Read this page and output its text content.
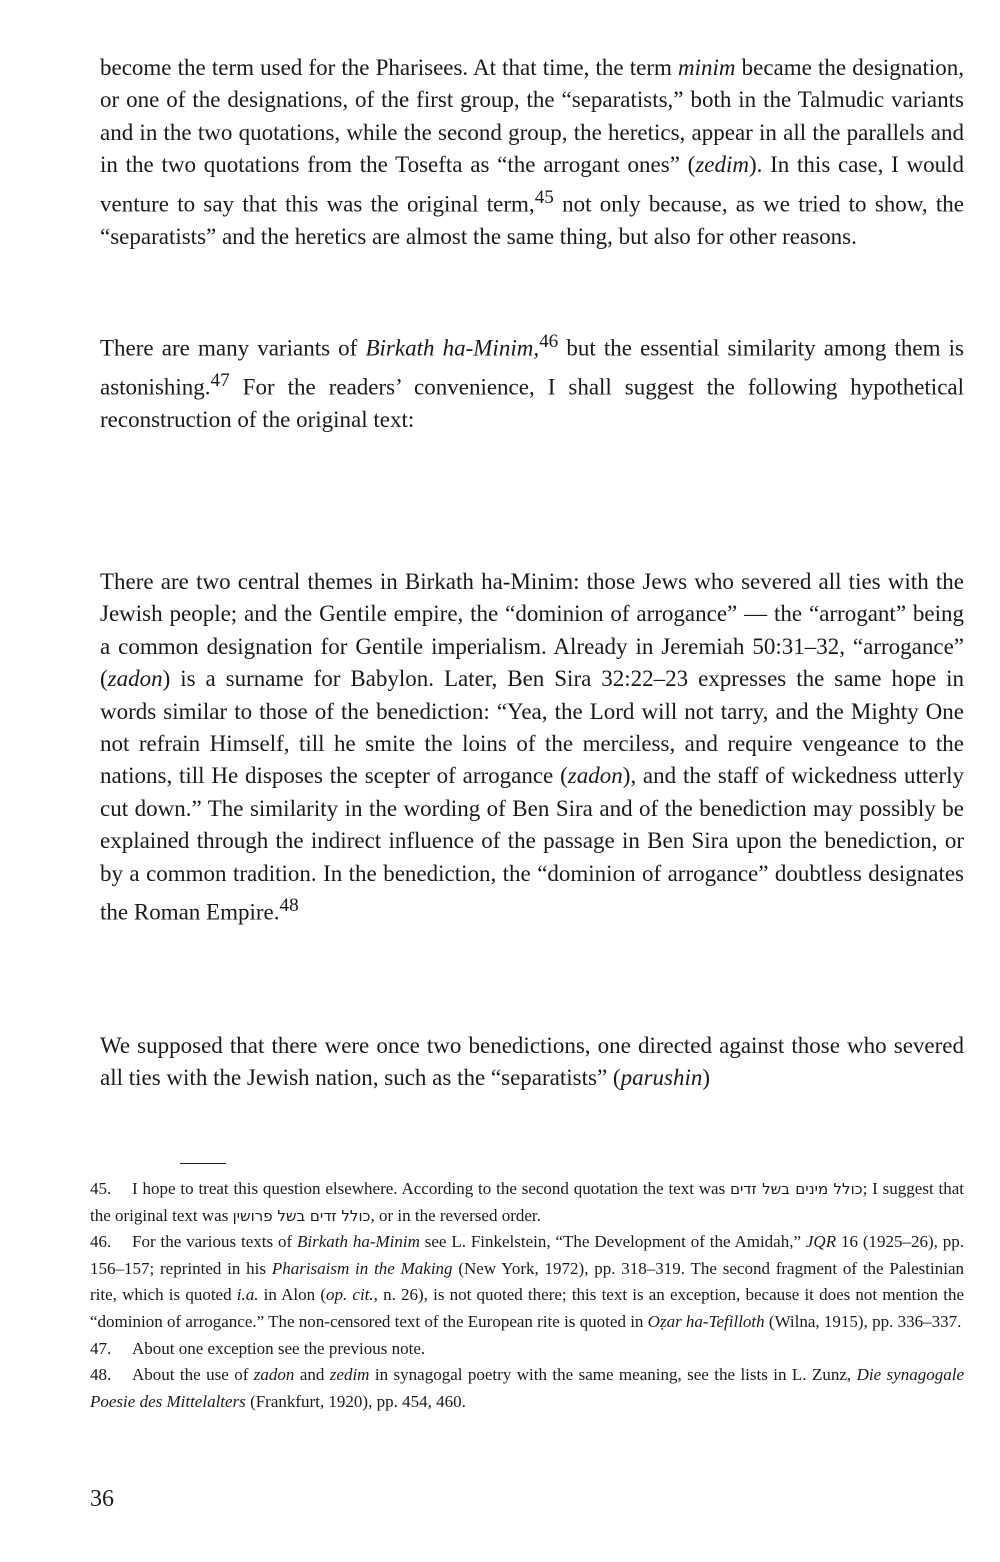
become the term used for the Pharisees. At that time, the term minim became the designation, or one of the designations, of the first group, the “separatists,” both in the Talmudic variants and in the two quotations, while the second group, the heretics, appear in all the parallels and in the two quotations from the Tosefta as “the arrogant ones” (zedim). In this case, I would venture to say that this was the original term,$^{45}$ not only because, as we tried to show, the “separatists” and the heretics are almost the same thing, but also for other reasons.

There are many variants of Birkath ha-Minim,$^{46}$ but the essential similarity among them is astonishing.$^{47}$ For the readers’ convenience, I shall suggest the following hypothetical reconstruction of the original text:

There are two central themes in Birkath ha-Minim: those Jews who severed all ties with the Jewish people; and the Gentile empire, the “dominion of arrogance” — the “arrogant” being a common designation for Gentile imperialism. Already in Jeremiah 50:31–32, “arrogance” (zadon) is a surname for Babylon. Later, Ben Sira 32:22–23 expresses the same hope in words similar to those of the benediction: “Yea, the Lord will not tarry, and the Mighty One not refrain Himself, till he smite the loins of the merciless, and require vengeance to the nations, till He disposes the scepter of arrogance (zadon), and the staff of wickedness utterly cut down.” The similarity in the wording of Ben Sira and of the benediction may possibly be explained through the indirect influence of the passage in Ben Sira upon the benediction, or by a common tradition. In the benediction, the “dominion of arrogance” doubtless designates the Roman Empire.$^{48}$

We supposed that there were once two benedictions, one directed against those who severed all ties with the Jewish nation, such as the “separatists” (parushin)

45. I hope to treat this question elsewhere. According to the second quotation the text was כולל מינים בשל זדים; I suggest that the original text was כולל זדים בשל פרושין, or in the reversed order.

46. For the various texts of Birkath ha-Minim see L. Finkelstein, “The Development of the Amidah,” JQR 16 (1925–26), pp. 156–157; reprinted in his Pharisaism in the Making (New York, 1972), pp. 318–319. The second fragment of the Palestinian rite, which is quoted i.a. in Alon (op. cit., n. 26), is not quoted there; this text is an exception, because it does not mention the “dominion of arrogance.” The non-censored text of the European rite is quoted in Oẓar ha-Tefilloth (Wilna, 1915), pp. 336–337.

47. About one exception see the previous note.

48. About the use of zadon and zedim in synagogal poetry with the same meaning, see the lists in L. Zunz, Die synagogale Poesie des Mittelalters (Frankfurt, 1920), pp. 454, 460.

36
